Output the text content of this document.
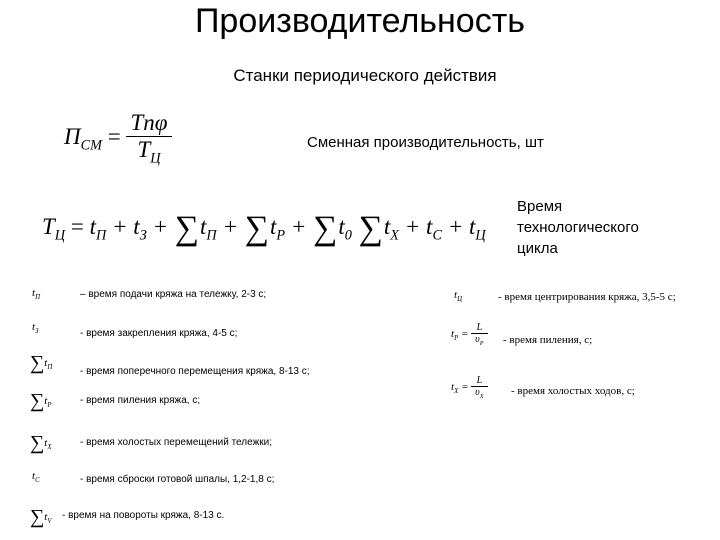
Производительность
Станки периодического действия
$П_{СМ} = \frac{\text{Tnφ}}{T_Ц}$	Сменная производительность, шт
$T_Ц = t_П + t_З + \sum t_П + \sum t_Р + \sum t_0$ $\sum t_Х + t_С + t_Ц$
Время технологического цикла
$t_П$
$t_З$
$\sum t_П$
$\sum t_Р$
$\sum t_Х$
$t_С$
$\sum t_V$
– время подачи кряжа на тележку, 2-3 с;
- время закрепления кряжа, 4-5 с;
- время поперечного перемещения кряжа, 8-13 с;
- время пиления кряжа, с;
- время холостых перемещений тележки;
- время сброски готовой шпалы, 1,2-1,8 с;
- время на повороты кряжа, 8-13 с.
$t_Ц$
$t_Р = \frac{L}{\upsilon_Р}$
$t_Х = \frac{L}{\upsilon_Х}$
- время центрирования кряжа, 3,5-5 с;
- время пиления, с;
- время холостых ходов, с;
